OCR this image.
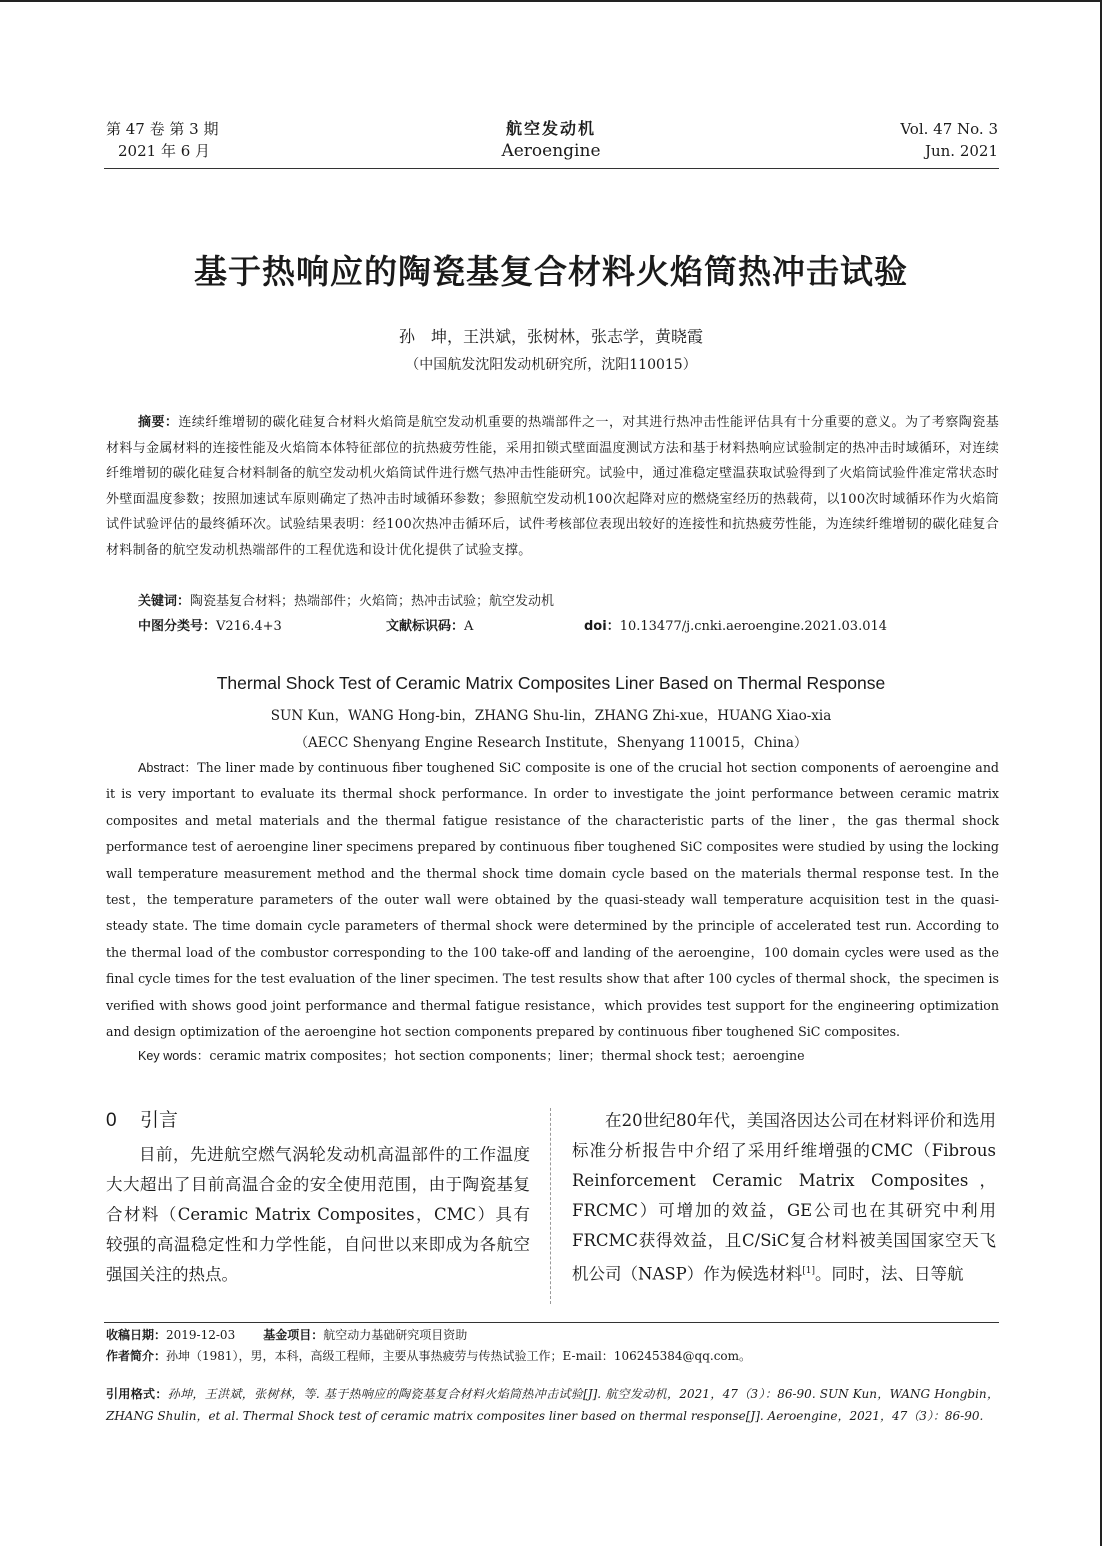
第 47 卷 第 3 期
2021 年 6 月
航空发动机
Aeroengine
Vol. 47 No. 3
Jun. 2021
基于热响应的陶瓷基复合材料火焰筒热冲击试验
孙　坤，王洪斌，张树林，张志学，黄晓霞
（中国航发沈阳发动机研究所，沈阳110015）
摘要：连续纤维增韧的碳化硅复合材料火焰筒是航空发动机重要的热端部件之一，对其进行热冲击性能评估具有十分重要的意义。为了考察陶瓷基材料与金属材料的连接性能及火焰筒本体特征部位的抗热疲劳性能，采用扣锁式壁面温度测试方法和基于材料热响应试验制定的热冲击时域循环，对连续纤维增韧的碳化硅复合材料制备的航空发动机火焰筒试件进行燃气热冲击性能研究。试验中，通过准稳定壁温获取试验得到了火焰筒试验件准定常状态时外壁面温度参数；按照加速试车原则确定了热冲击时域循环参数；参照航空发动机100次起降对应的燃烧室经历的热载荷，以100次时域循环作为火焰筒试件试验评估的最终循环次。试验结果表明：经100次热冲击循环后，试件考核部位表现出较好的连接性和抗热疲劳性能，为连续纤维增韧的碳化硅复合材料制备的航空发动机热端部件的工程优选和设计优化提供了试验支撑。
关键词：陶瓷基复合材料；热端部件；火焰筒；热冲击试验；航空发动机
中图分类号：V216.4+3	文献标识码：A	doi：10.13477/j.cnki.aeroengine.2021.03.014
Thermal Shock Test of Ceramic Matrix Composites Liner Based on Thermal Response
SUN Kun，WANG Hong-bin，ZHANG Shu-lin，ZHANG Zhi-xue，HUANG Xiao-xia
（AECC Shenyang Engine Research Institute，Shenyang 110015，China）
Abstract：The liner made by continuous fiber toughened SiC composite is one of the crucial hot section components of aeroengine and it is very important to evaluate its thermal shock performance. In order to investigate the joint performance between ceramic matrix composites and metal materials and the thermal fatigue resistance of the characteristic parts of the liner，the gas thermal shock performance test of aeroengine liner specimens prepared by continuous fiber toughened SiC composites were studied by using the locking wall temperature measurement method and the thermal shock time domain cycle based on the materials thermal response test. In the test，the temperature parameters of the outer wall were obtained by the quasi-steady wall temperature acquisition test in the quasi-steady state. The time domain cycle parameters of thermal shock were determined by the principle of accelerated test run. According to the thermal load of the combustor corresponding to the 100 take-off and landing of the aeroengine，100 domain cycles were used as the final cycle times for the test evaluation of the liner specimen. The test results show that after 100 cycles of thermal shock，the specimen is verified with shows good joint performance and thermal fatigue resistance，which provides test support for the engineering optimization and design optimization of the aeroengine hot section components prepared by continuous fiber toughened SiC composites.
Key words：ceramic matrix composites；hot section components；liner；thermal shock test；aeroengine
0 引言

目前，先进航空燃气涡轮发动机高温部件的工作温度大大超出了目前高温合金的安全使用范围，由于陶瓷基复合材料（Ceramic Matrix Composites，CMC）具有较强的高温稳定性和力学性能，自问世以来即成为各航空强国关注的热点。

在20世纪80年代，美国洛因达公司在材料评价和选用标准分析报告中介绍了采用纤维增强的CMC（Fibrous Reinforcement Ceramic Matrix Composites，FRCMC）可增加的效益，GE公司也在其研究中利用FRCMC获得效益，且C/SiC复合材料被美国国家空天飞机公司（NASP）作为候选材料[1]。同时，法、日等航

收稿日期：2019-12-03 基金项目：航空动力基础研究项目资助
作者简介：孙坤（1981），男，本科，高级工程师，主要从事热疲劳与传热试验工作；E-mail：106245384@qq.com。
引用格式：孙坤，王洪斌，张树林，等. 基于热响应的陶瓷基复合材料火焰筒热冲击试验[J]. 航空发动机，2021，47（3）：86-90. SUN Kun，WANG Hongbin，ZHANG Shulin，et al. Thermal Shock test of ceramic matrix composites liner based on thermal response[J]. Aeroengine，2021，47（3）：86-90.
